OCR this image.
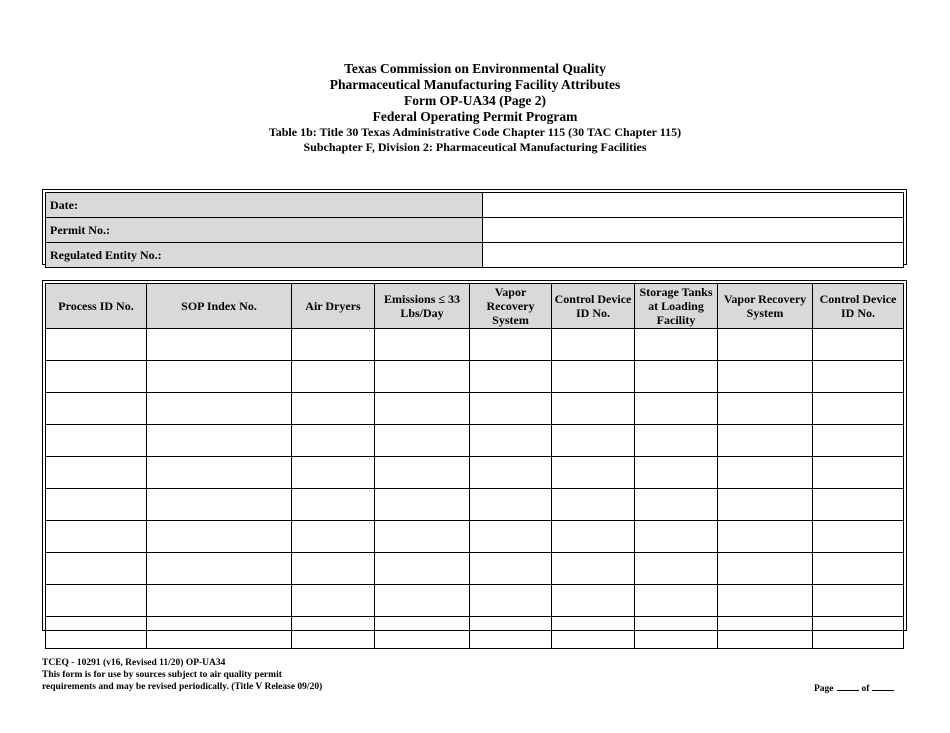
Texas Commission on Environmental Quality
Pharmaceutical Manufacturing Facility Attributes
Form OP-UA34 (Page 2)
Federal Operating Permit Program
Table 1b: Title 30 Texas Administrative Code Chapter 115 (30 TAC Chapter 115)
Subchapter F, Division 2: Pharmaceutical Manufacturing Facilities
Date:	
Permit No.:	
Regulated Entity No.:	
Process ID No.	SOP Index No.	Air Dryers	Emissions ≤ 33 Lbs/Day	Vapor Recovery System	Control Device ID No.	Storage Tanks at Loading Facility	Vapor Recovery System	Control Device ID No.

TCEQ - 10291 (v16, Revised 11/20) OP-UA34
This form is for use by sources subject to air quality permit
requirements and may be revised periodically. (Title V Release 09/20)	Page	of
